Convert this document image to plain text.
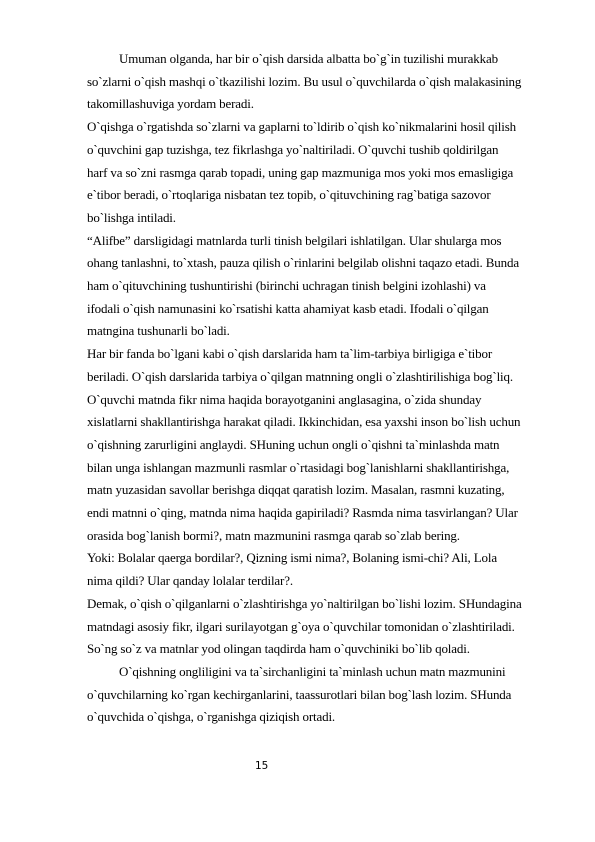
Umuman olganda, har bir o`qish darsida albatta bo`g`in tuzilishi murakkab
so`zlarni o`qish mashqi o`tkazilishi lozim. Bu usul o`quvchilarda o`qish malakasining
takomillashuviga yordam beradi.
O`qishga o`rgatishda so`zlarni va gaplarni to`ldirib o`qish ko`nikmalarini hosil qilish
o`quvchini gap tuzishga, tez fikrlashga yo`naltiriladi. O`quvchi tushib qoldirilgan
harf va so`zni rasmga qarab topadi, uning gap mazmuniga mos yoki mos emasligiga
e`tibor beradi, o`rtoqlariga nisbatan tez topib, o`qituvchining rag`batiga sazovor
bo`lishga intiladi.
“Alifbe” darsligidagi matnlarda turli tinish belgilari ishlatilgan. Ular shularga mos
ohang tanlashni, to`xtash, pauza qilish o`rinlarini belgilab olishni taqazo etadi. Bunda
ham o`qituvchining tushuntirishi (birinchi uchragan tinish belgini izohlashi) va
ifodali o`qish namunasini ko`rsatishi katta ahamiyat kasb etadi. Ifodali o`qilgan
matngina tushunarli bo`ladi.
Har bir fanda bo`lgani kabi o`qish darslarida ham ta`lim-tarbiya birligiga e`tibor
beriladi. O`qish darslarida tarbiya o`qilgan matnning ongli o`zlashtirilishiga bog`liq.
O`quvchi matnda fikr nima haqida borayotganini anglasagina, o`zida shunday
xislatlarni shakllantirishga harakat qiladi. Ikkinchidan, esa yaxshi inson bo`lish uchun
o`qishning zarurligini anglaydi. SHuning uchun ongli o`qishni ta`minlashda matn
bilan unga ishlangan mazmunli rasmlar o`rtasidagi bog`lanishlarni shakllantirishga,
matn yuzasidan savollar berishga diqqat qaratish lozim. Masalan, rasmni kuzating,
endi matnni o`qing, matnda nima haqida gapiriladi? Rasmda nima tasvirlangan? Ular
orasida bog`lanish bormi?, matn mazmunini rasmga qarab so`zlab bering.
Yoki: Bolalar qaerga bordilar?, Qizning ismi nima?, Bolaning ismi-chi? Ali, Lola
nima qildi? Ular qanday lolalar terdilar?.
Demak, o`qish o`qilganlarni o`zlashtirishga yo`naltirilgan bo`lishi lozim. SHundagina
matndagi asosiy fikr, ilgari surilayotgan g`oya o`quvchilar tomonidan o`zlashtiriladi.
So`ng so`z va matnlar yod olingan taqdirda ham o`quvchiniki bo`lib qoladi.
O`qishning ongliligini va ta`sirchanligini ta`minlash uchun matn mazmunini
o`quvchilarning ko`rgan kechirganlarini, taassurotlari bilan bog`lash lozim. SHunda
o`quvchida o`qishga, o`rganishga qiziqish ortadi.
15
